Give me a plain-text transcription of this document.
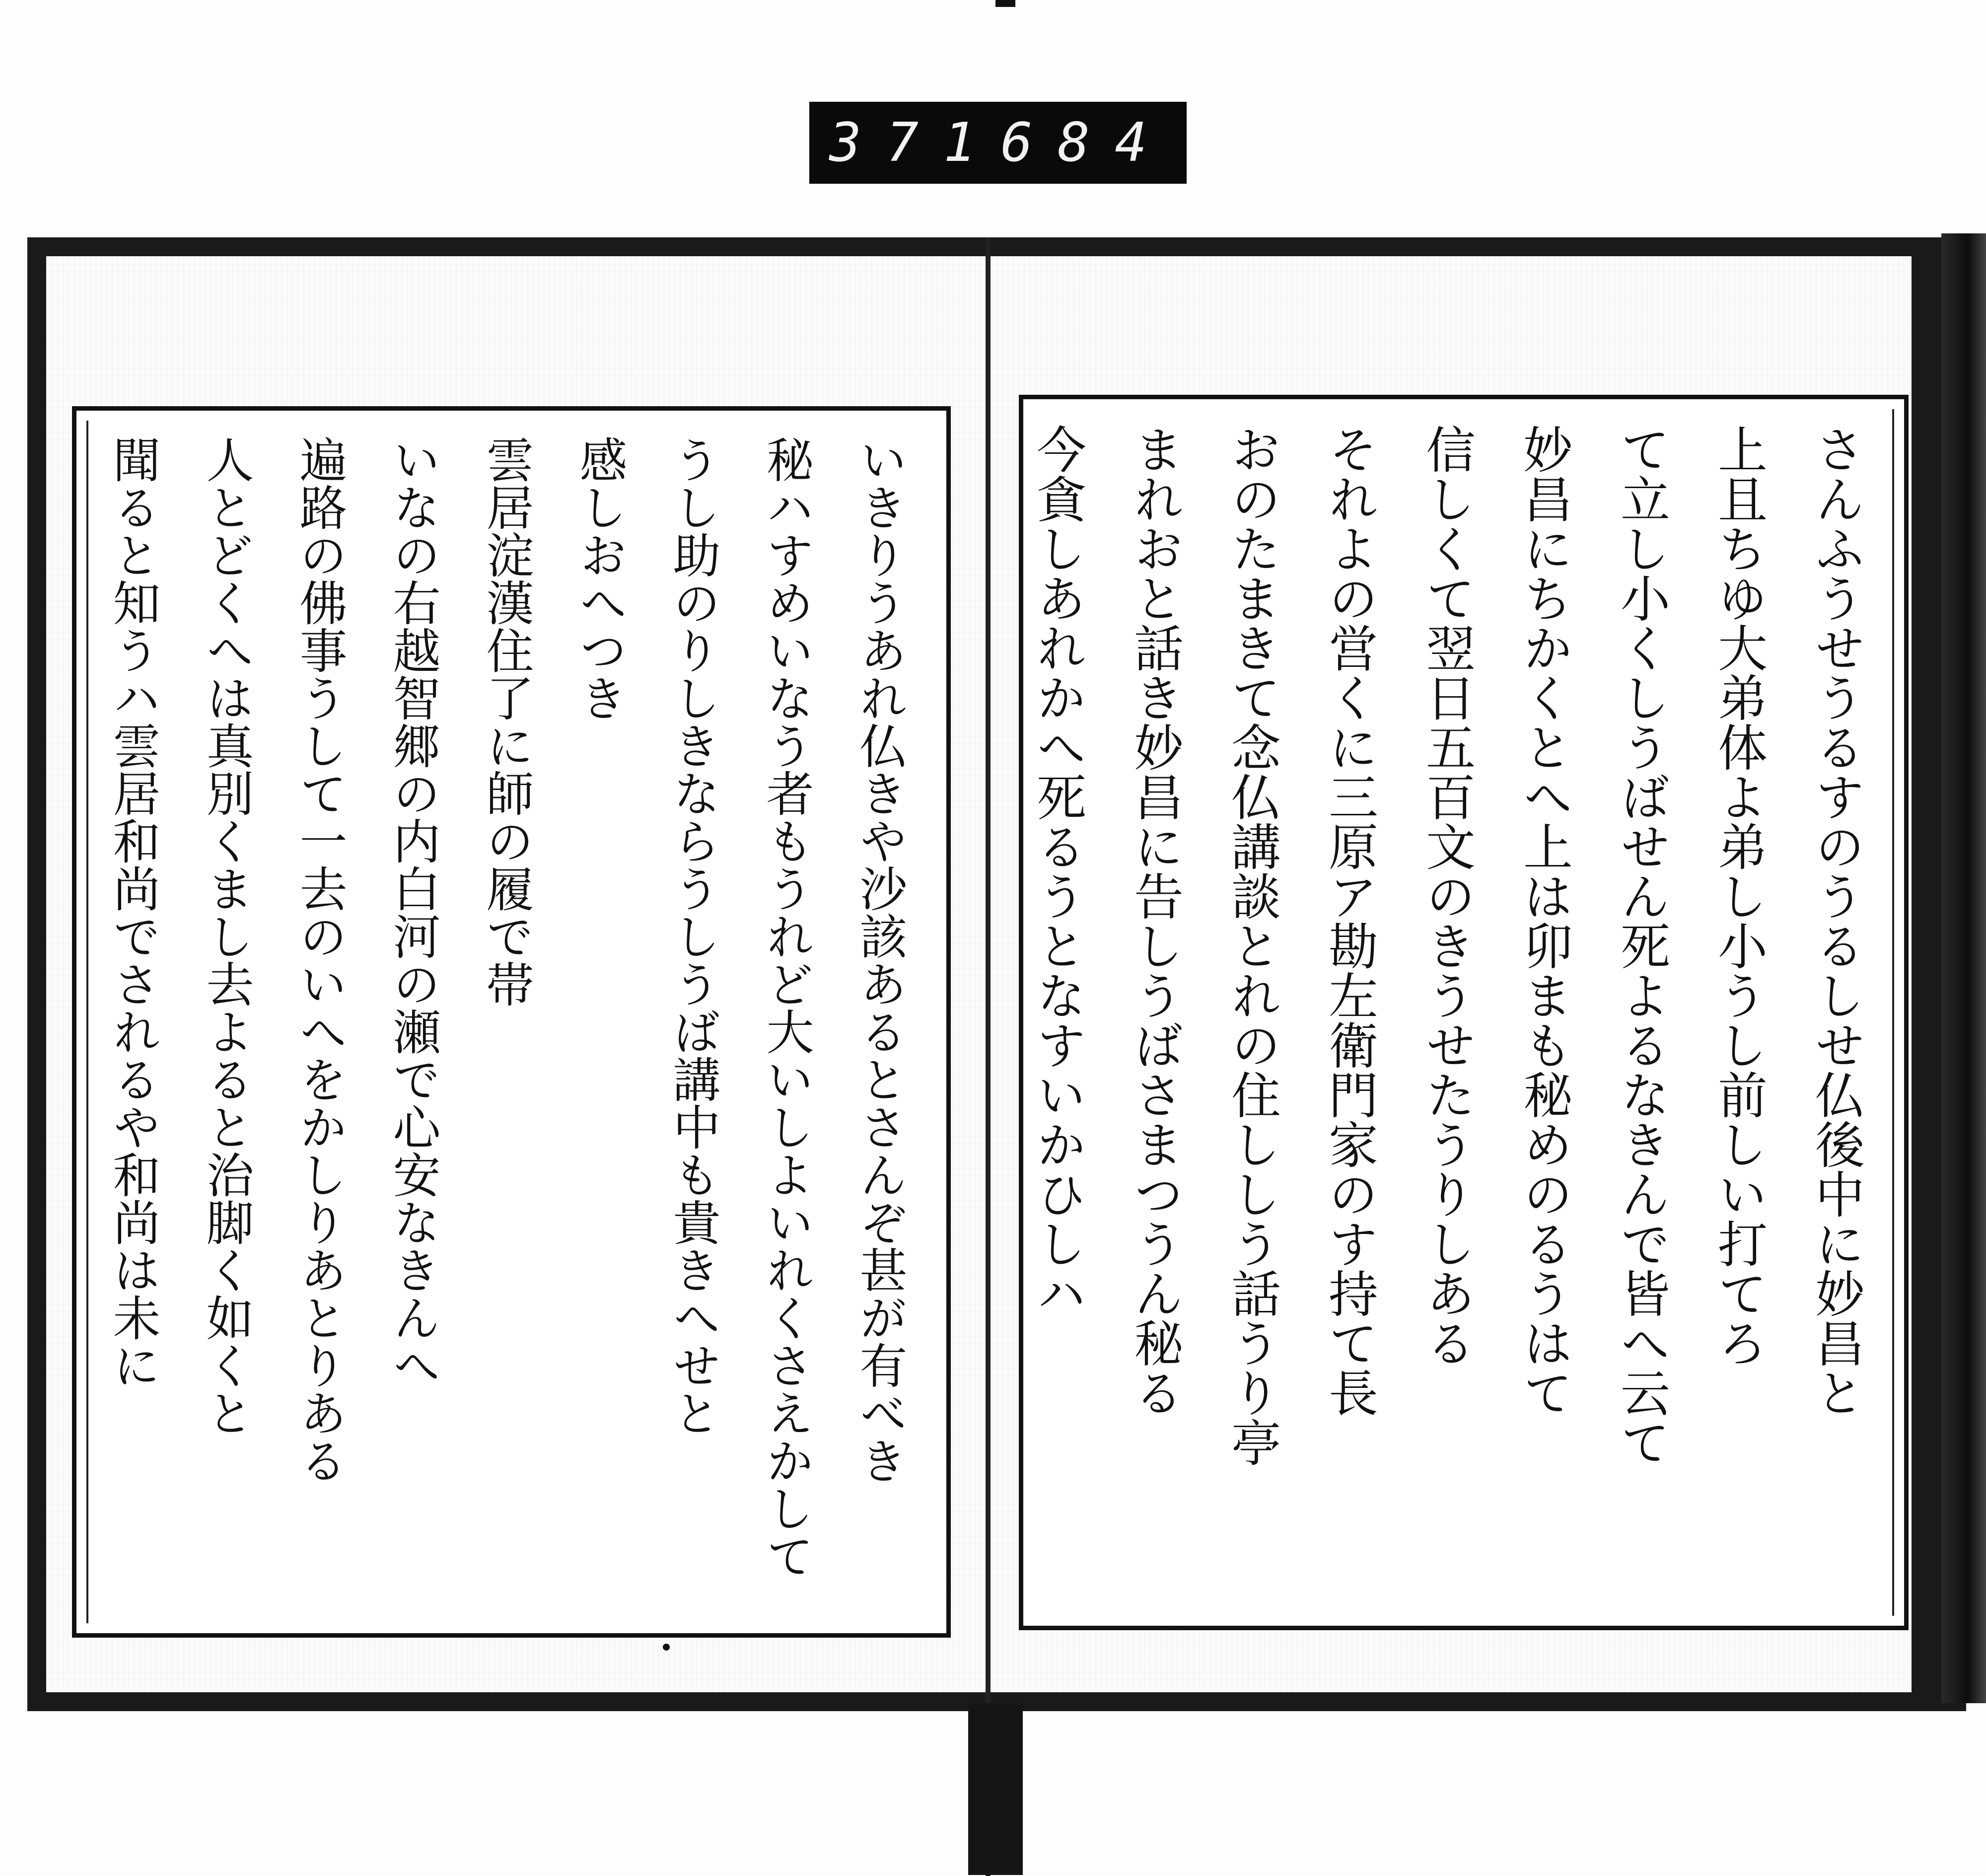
371 684
いきりうあれ仏きや沙該あるとさんぞ甚が有べき
秘ハすめいなう者もうれど大いしよいれくさえかして
うし助のりしきならうしうば講中も貴きへせと
感しおへつき
雲居淀漢住了に師の履で帯
いなの右越智郷の内白河の瀬で心安なきんへ
遍路の佛事うして一去のいへをかしりあとりある
人とどくへは真別くまし去よると治脚く如くと
聞ると知うハ雲居和尚でされるや和尚は未に	さんふうせうるすのうるしせ仏後中に妙昌と
上且ちゆ大弟体よ弟し小うし前しい打てろ
て立し小くしうばせん死よるなきんで皆へ云て
妙昌にちかくとへ上は卯まも秘めのるうはて
信しくて翌日五百文のきうせたうりしある
それよの営くに三原ア勘左衛門家のす持て長
おのたまきて念仏講談とれの住ししう話うり亭
まれおと話き妙昌に告しうばさまつうん秘る
今貪しあれかへ死るうとなすいかひしハ
